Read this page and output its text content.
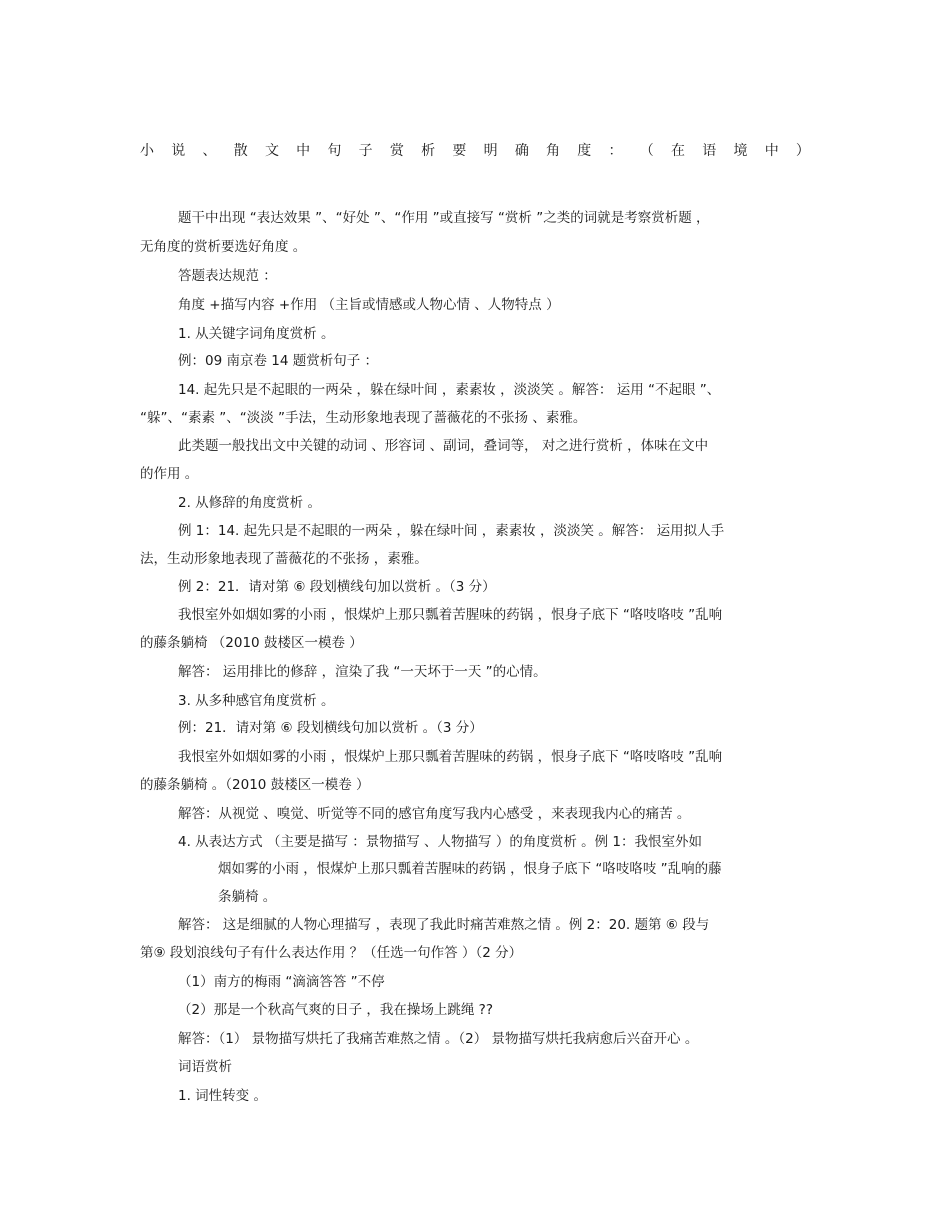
小 说 、 散 文 中 句 子 赏 析 要 明 确 角 度 ： （ 在 语 境 中 ）
题干中出现 “表达效果 ”、“好处 ”、“作用 ”或直接写 “赏析 ”之类的词就是考察赏析题 ，
无角度的赏析要选好角度 。
答题表达规范 ：
角度 +描写内容 +作用 （主旨或情感或人物心情 、人物特点 ）
1. 从关键字词角度赏析 。
例：09 南京卷 14 题赏析句子 ：
14. 起先只是不起眼的一两朵 ，躲在绿叶间 ，素素妆 ，淡淡笑 。解答： 运用 “不起眼 ”、
“躲”、“素素 ”、“淡淡 ”手法，生动形象地表现了蔷薇花的不张扬 、素雅。
此类题一般找出文中关键的动词 、形容词 、副词，叠词等， 对之进行赏析 ，体味在文中
的作用 。
2. 从修辞的角度赏析 。
例 1：14. 起先只是不起眼的一两朵 ，躲在绿叶间 ，素素妆 ，淡淡笑 。解答： 运用拟人手
法，生动形象地表现了蔷薇花的不张扬 ，素雅。
例 2：21．请对第 ⑥ 段划横线句加以赏析 。（3 分）
我恨室外如烟如雾的小雨 ，恨煤炉上那只瓢着苦腥味的药锅 ，恨身子底下 “咯吱咯吱 ”乱响
的藤条躺椅 （2010 鼓楼区一模卷 ）
解答： 运用排比的修辞 ，渲染了我 “一天坏于一天 ”的心情。
3. 从多种感官角度赏析 。
例：21．请对第 ⑥ 段划横线句加以赏析 。（3 分）
我恨室外如烟如雾的小雨 ，恨煤炉上那只瓢着苦腥味的药锅 ，恨身子底下 “咯吱咯吱 ”乱响
的藤条躺椅 。（2010 鼓楼区一模卷 ）
解答：从视觉 、嗅觉、听觉等不同的感官角度写我内心感受 ，来表现我内心的痛苦 。
4. 从表达方式 （主要是描写 ：景物描写 、人物描写 ）的角度赏析 。例 1：我恨室外如
烟如雾的小雨 ，恨煤炉上那只瓢着苦腥味的药锅 ，恨身子底下 “咯吱咯吱 ”乱响的藤
条躺椅 。
解答： 这是细腻的人物心理描写 ，表现了我此时痛苦难熬之情 。例 2：20. 题第 ⑥ 段与
第⑨ 段划浪线句子有什么表达作用 ？（任选一句作答 ）（2 分）
（1）南方的梅雨 “滴滴答答 ”不停
（2）那是一个秋高气爽的日子 ，我在操场上跳绳 ??
解答：（1） 景物描写烘托了我痛苦难熬之情 。（2） 景物描写烘托我病愈后兴奋开心 。
词语赏析
1. 词性转变 。
